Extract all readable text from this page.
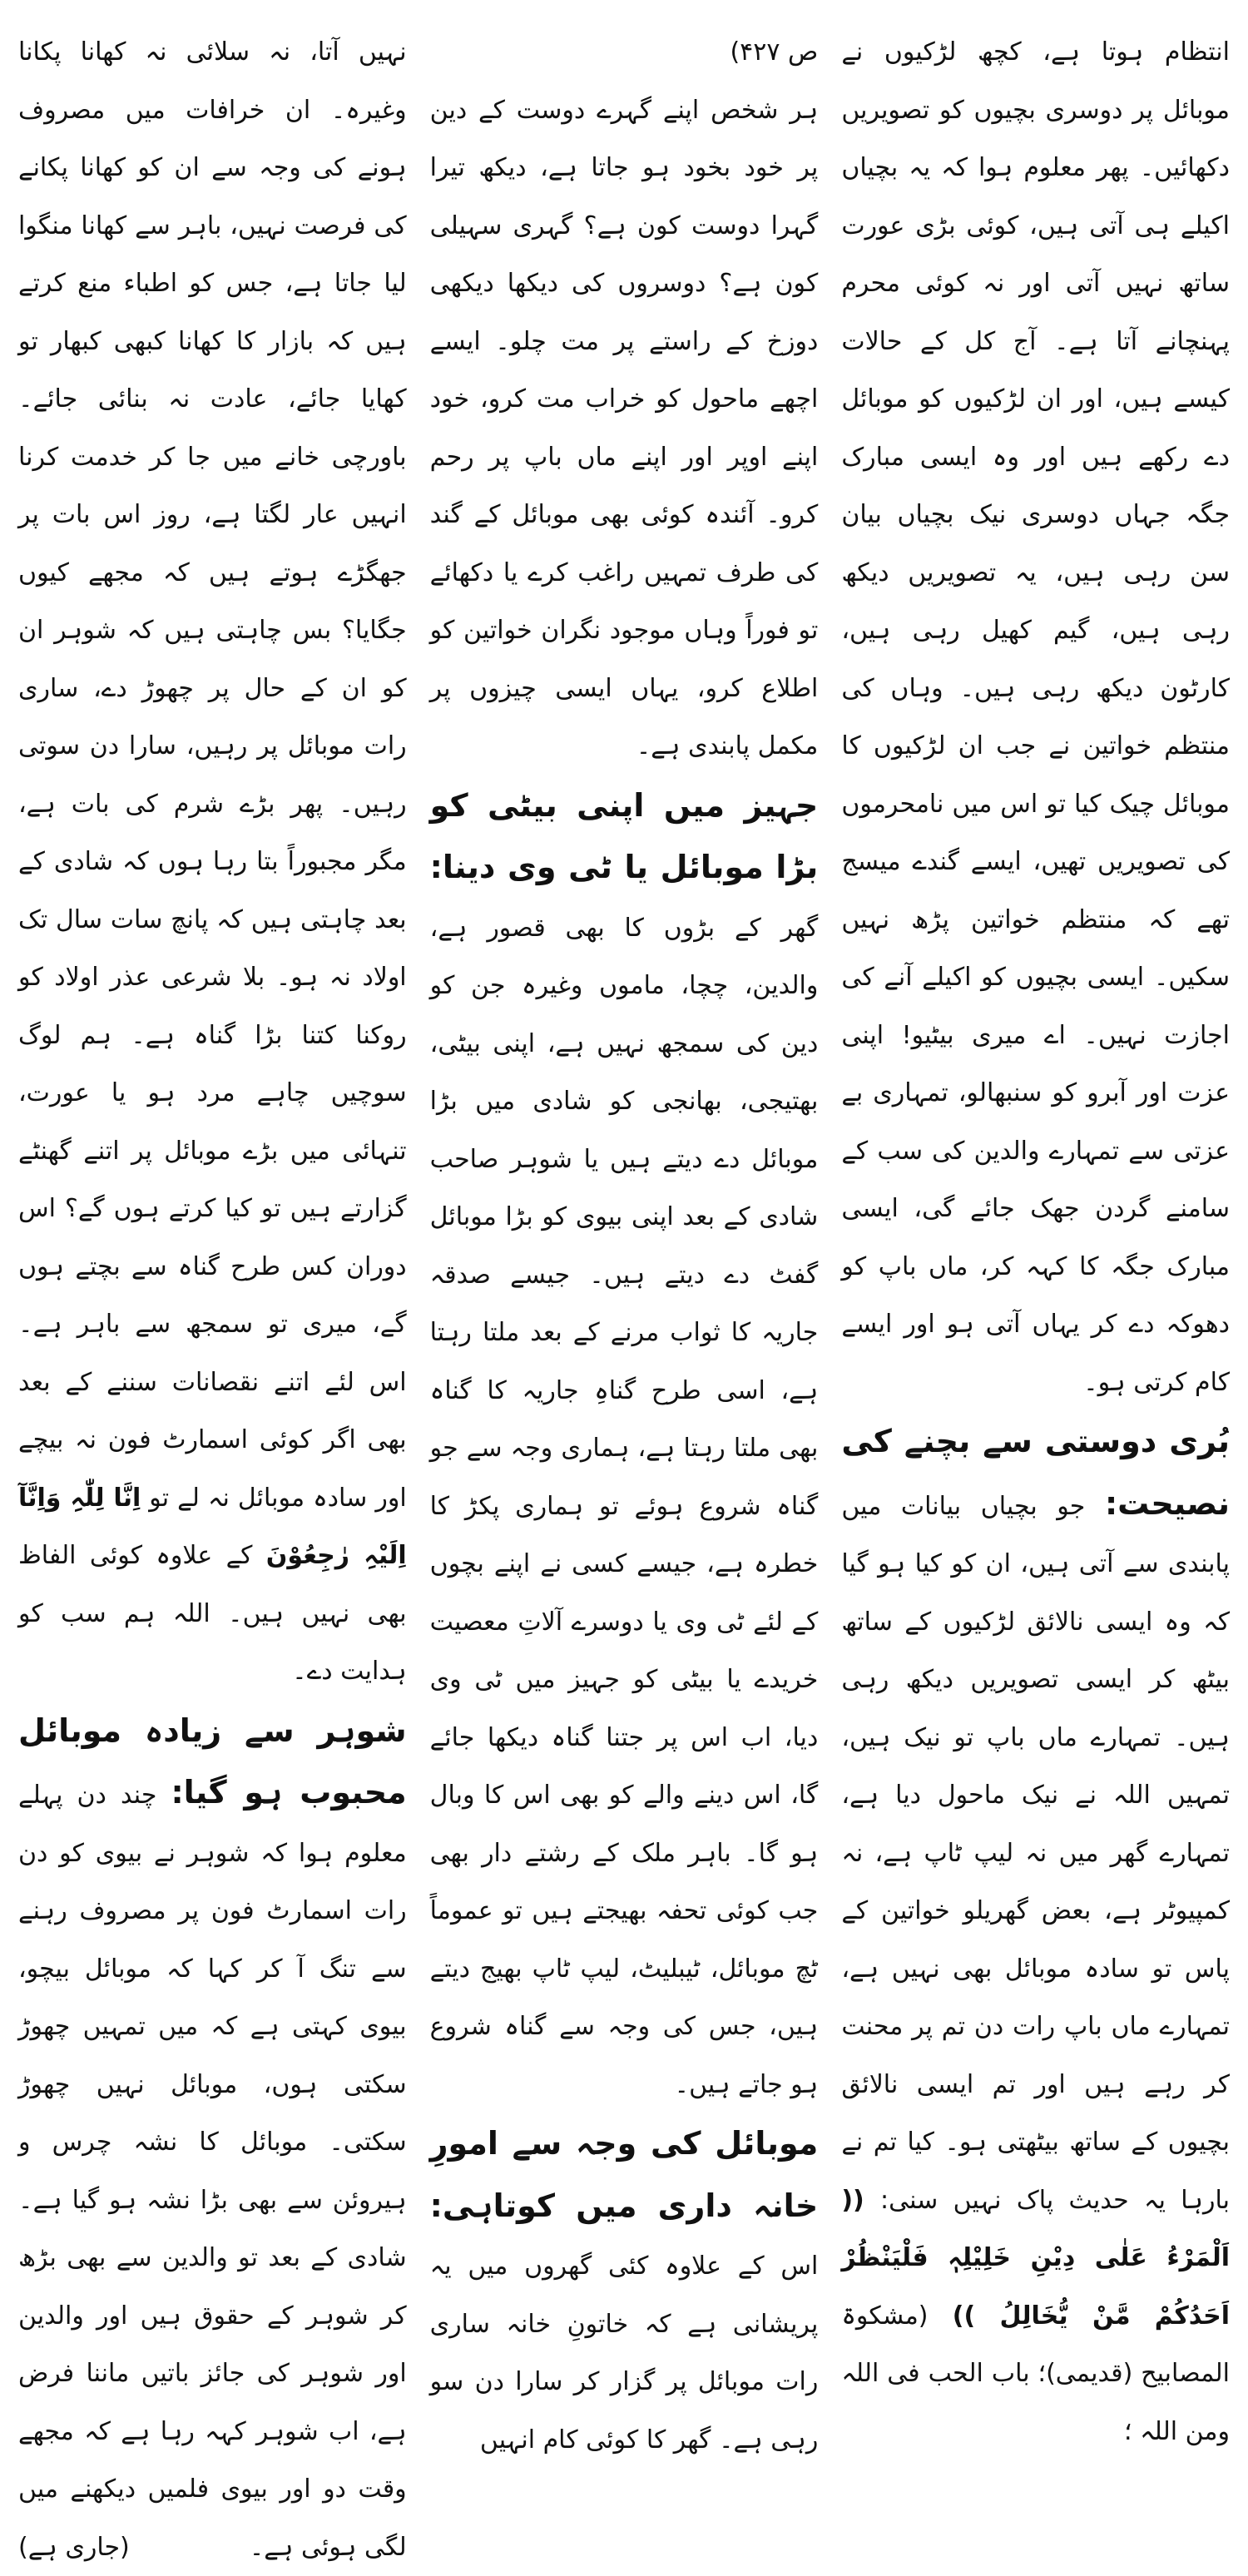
انتظام ہوتا ہے، کچھ لڑکیوں نے موبائل پر دوسری بچیوں کو تصویریں دکھائیں۔ پھر معلوم ہوا کہ یہ بچیاں اکیلے ہی آتی ہیں، کوئی بڑی عورت ساتھ نہیں آتی اور نہ کوئی محرم پہنچانے آتا ہے۔ آج کل کے حالات کیسے ہیں، اور ان لڑکیوں کو موبائل دے رکھے ہیں اور وہ ایسی مبارک جگہ جہاں دوسری نیک بچیاں بیان سن رہی ہیں، یہ تصویریں دیکھ رہی ہیں، گیم کھیل رہی ہیں، کارٹون دیکھ رہی ہیں۔ وہاں کی منتظم خواتین نے جب ان لڑکیوں کا موبائل چیک کیا تو اس میں نامحرموں کی تصویریں تھیں، ایسے گندے میسج تھے کہ منتظم خواتین پڑھ نہیں سکیں۔ ایسی بچیوں کو اکیلے آنے کی اجازت نہیں۔ اے میری بیٹیو! اپنی عزت اور آبرو کو سنبھالو، تمہاری بے عزتی سے تمہارے والدین کی سب کے سامنے گردن جھک جائے گی، ایسی مبارک جگہ کا کہہ کر، ماں باپ کو دھوکہ دے کر یہاں آتی ہو اور ایسے کام کرتی ہو۔

بُری دوستی سے بچنے کی نصیحت: جو بچیاں بیانات میں پابندی سے آتی ہیں، ان کو کیا ہو گیا کہ وہ ایسی نالائق لڑکیوں کے ساتھ بیٹھ کر ایسی تصویریں دیکھ رہی ہیں۔ تمہارے ماں باپ تو نیک ہیں، تمہیں اللہ نے نیک ماحول دیا ہے، تمہارے گھر میں نہ لیپ ٹاپ ہے، نہ کمپیوٹر ہے، بعض گھریلو خواتین کے پاس تو سادہ موبائل بھی نہیں ہے، تمہارے ماں باپ رات دن تم پر محنت کر رہے ہیں اور تم ایسی نالائق بچیوں کے ساتھ بیٹھتی ہو۔ کیا تم نے بارہا یہ حدیث پاک نہیں سنی: (( اَلْمَرْءُ عَلٰی دِیْنِ خَلِیْلِہٖ فَلْیَنْظُرْ اَحَدُکُمْ مَّنْ یُّخَالِلُ )) (مشکوۃ المصابیح (قدیمی)؛ باب الحب فی اللہ ومن اللہ ؛

ص ۴۲۷)

ہر شخص اپنے گہرے دوست کے دین پر خود بخود ہو جاتا ہے، دیکھ تیرا گہرا دوست کون ہے؟ گہری سہیلی کون ہے؟ دوسروں کی دیکھا دیکھی دوزخ کے راستے پر مت چلو۔ ایسے اچھے ماحول کو خراب مت کرو، خود اپنے اوپر اور اپنے ماں باپ پر رحم کرو۔ آئندہ کوئی بھی موبائل کے گند کی طرف تمہیں راغب کرے یا دکھائے تو فوراً وہاں موجود نگران خواتین کو اطلاع کرو، یہاں ایسی چیزوں پر مکمل پابندی ہے۔

جہیز میں اپنی بیٹی کو بڑا موبائل یا ٹی وی دینا: گھر کے بڑوں کا بھی قصور ہے، والدین، چچا، ماموں وغیرہ جن کو دین کی سمجھ نہیں ہے، اپنی بیٹی، بھتیجی، بھانجی کو شادی میں بڑا موبائل دے دیتے ہیں یا شوہر صاحب شادی کے بعد اپنی بیوی کو بڑا موبائل گفٹ دے دیتے ہیں۔ جیسے صدقہ جاریہ کا ثواب مرنے کے بعد ملتا رہتا ہے، اسی طرح گناہِ جاریہ کا گناہ بھی ملتا رہتا ہے، ہماری وجہ سے جو گناہ شروع ہوئے تو ہماری پکڑ کا خطرہ ہے، جیسے کسی نے اپنے بچوں کے لئے ٹی وی یا دوسرے آلاتِ معصیت خریدے یا بیٹی کو جہیز میں ٹی وی دیا، اب اس پر جتنا گناہ دیکھا جائے گا، اس دینے والے کو بھی اس کا وبال ہو گا۔ باہر ملک کے رشتے دار بھی جب کوئی تحفہ بھیجتے ہیں تو عموماً ٹچ موبائل، ٹیبلیٹ، لیپ ٹاپ بھیج دیتے ہیں، جس کی وجہ سے گناہ شروع ہو جاتے ہیں۔

موبائل کی وجہ سے امورِ خانہ داری میں کوتاہی: اس کے علاوہ کئی گھروں میں یہ پریشانی ہے کہ خاتونِ خانہ ساری رات موبائل پر گزار کر سارا دن سو رہی ہے۔ گھر کا کوئی کام انہیں

نہیں آتا، نہ سلائی نہ کھانا پکانا وغیرہ۔ ان خرافات میں مصروف ہونے کی وجہ سے ان کو کھانا پکانے کی فرصت نہیں، باہر سے کھانا منگوا لیا جاتا ہے، جس کو اطباء منع کرتے ہیں کہ بازار کا کھانا کبھی کبھار تو کھایا جائے، عادت نہ بنائی جائے۔ باورچی خانے میں جا کر خدمت کرنا انہیں عار لگتا ہے، روز اس بات پر جھگڑے ہوتے ہیں کہ مجھے کیوں جگایا؟ بس چاہتی ہیں کہ شوہر ان کو ان کے حال پر چھوڑ دے، ساری رات موبائل پر رہیں، سارا دن سوتی رہیں۔ پھر بڑے شرم کی بات ہے، مگر مجبوراً بتا رہا ہوں کہ شادی کے بعد چاہتی ہیں کہ پانچ سات سال تک اولاد نہ ہو۔ بلا شرعی عذر اولاد کو روکنا کتنا بڑا گناہ ہے۔ ہم لوگ سوچیں چاہے مرد ہو یا عورت، تنہائی میں بڑے موبائل پر اتنے گھنٹے گزارتے ہیں تو کیا کرتے ہوں گے؟ اس دوران کس طرح گناہ سے بچتے ہوں گے، میری تو سمجھ سے باہر ہے۔ اس لئے اتنے نقصانات سننے کے بعد بھی اگر کوئی اسمارٹ فون نہ بیچے اور سادہ موبائل نہ لے تو اِنَّا لِلّٰہِ وَاِنَّآ اِلَیْہِ رٰجِعُوْنَ کے علاوہ کوئی الفاظ بھی نہیں ہیں۔ اللہ ہم سب کو ہدایت دے۔

شوہر سے زیادہ موبائل محبوب ہو گیا: چند دن پہلے معلوم ہوا کہ شوہر نے بیوی کو دن رات اسمارٹ فون پر مصروف رہنے سے تنگ آ کر کہا کہ موبائل بیچو، بیوی کہتی ہے کہ میں تمہیں چھوڑ سکتی ہوں، موبائل نہیں چھوڑ سکتی۔ موبائل کا نشہ چرس و ہیروئن سے بھی بڑا نشہ ہو گیا ہے۔ شادی کے بعد تو والدین سے بھی بڑھ کر شوہر کے حقوق ہیں اور والدین اور شوہر کی جائز باتیں ماننا فرض ہے، اب شوہر کہہ رہا ہے کہ مجھے وقت دو اور بیوی فلمیں دیکھنے میں لگی ہوئی ہے۔
(جاری ہے)
